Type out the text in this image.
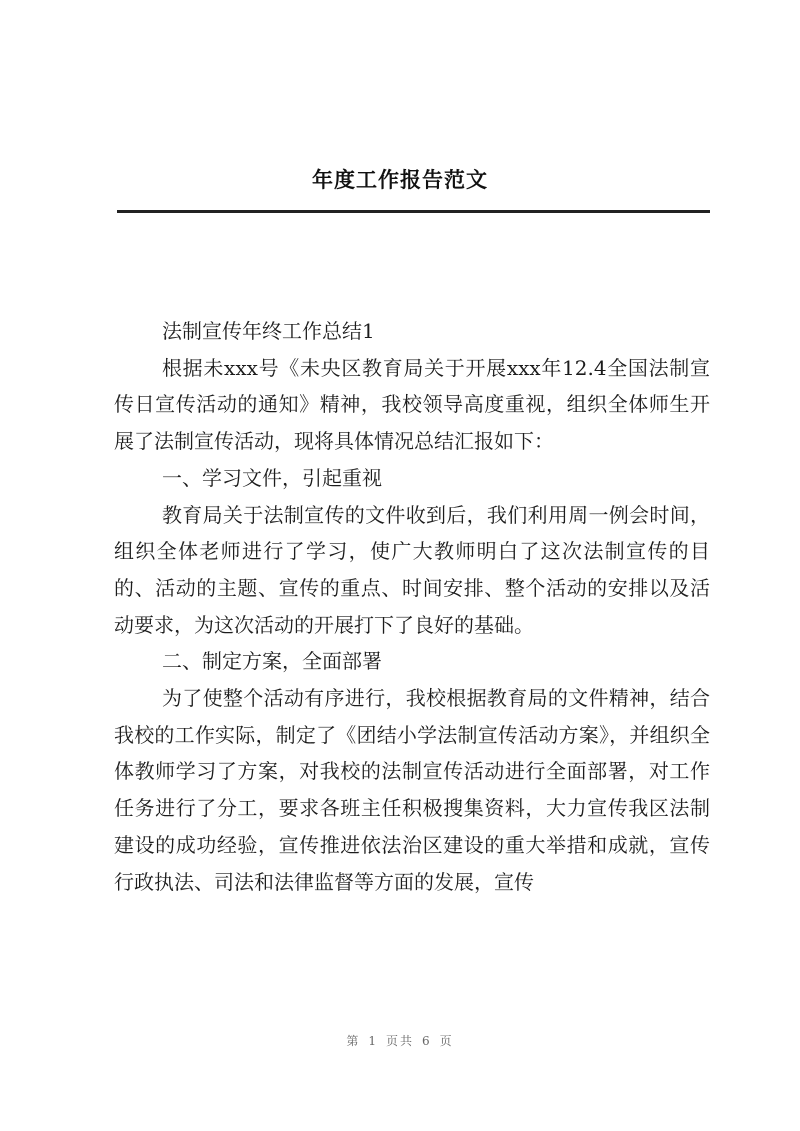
年度工作报告范文

法制宣传年终工作总结1

根据未xxx号《未央区教育局关于开展xxx年12.4全国法制宣传日宣传活动的通知》精神，我校领导高度重视，组织全体师生开展了法制宣传活动，现将具体情况总结汇报如下：

一、学习文件，引起重视

教育局关于法制宣传的文件收到后，我们利用周一例会时间，组织全体老师进行了学习，使广大教师明白了这次法制宣传的目的、活动的主题、宣传的重点、时间安排、整个活动的安排以及活动要求，为这次活动的开展打下了良好的基础。

二、制定方案，全面部署

为了使整个活动有序进行，我校根据教育局的文件精神，结合我校的工作实际，制定了《团结小学法制宣传活动方案》，并组织全体教师学习了方案，对我校的法制宣传活动进行全面部署，对工作任务进行了分工，要求各班主任积极搜集资料，大力宣传我区法制建设的成功经验，宣传推进依法治区建设的重大举措和成就，宣传行政执法、司法和法律监督等方面的发展，宣传

第 1 页共 6 页
